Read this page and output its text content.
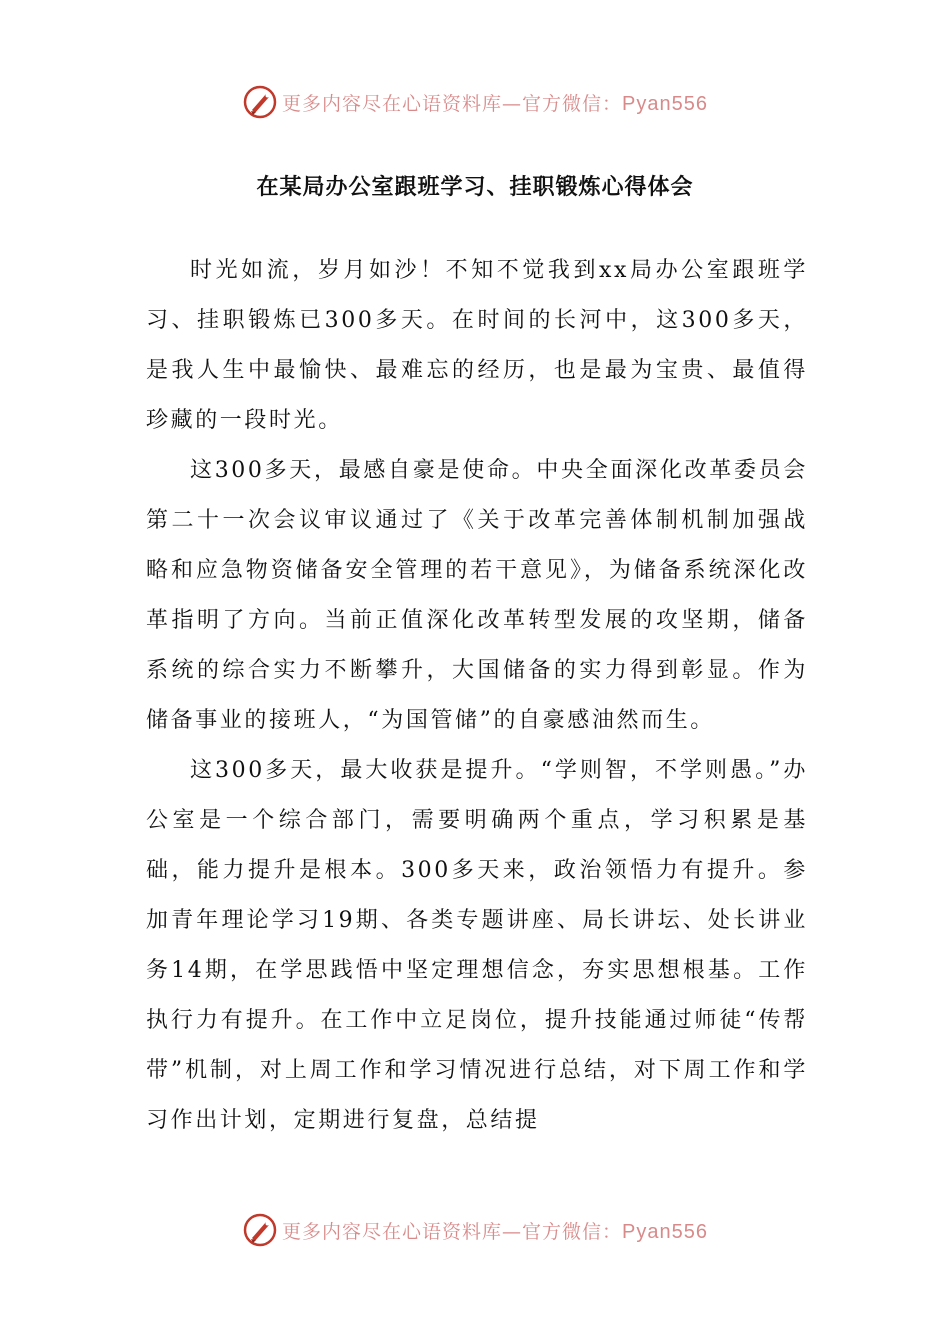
更多内容尽在心语资料库—官方微信：Pyan556
在某局办公室跟班学习、挂职锻炼心得体会

时光如流，岁月如沙！不知不觉我到xx局办公室跟班学习、挂职锻炼已300多天。在时间的长河中，这300多天，是我人生中最愉快、最难忘的经历，也是最为宝贵、最值得珍藏的一段时光。

这300多天，最感自豪是使命。中央全面深化改革委员会第二十一次会议审议通过了《关于改革完善体制机制加强战略和应急物资储备安全管理的若干意见》，为储备系统深化改革指明了方向。当前正值深化改革转型发展的攻坚期，储备系统的综合实力不断攀升，大国储备的实力得到彰显。作为储备事业的接班人，“为国管储”的自豪感油然而生。

这300多天，最大收获是提升。“学则智，不学则愚。”办公室是一个综合部门，需要明确两个重点，学习积累是基础，能力提升是根本。300多天来，政治领悟力有提升。参加青年理论学习19期、各类专题讲座、局长讲坛、处长讲业务14期，在学思践悟中坚定理想信念，夯实思想根基。工作执行力有提升。在工作中立足岗位，提升技能通过师徒“传帮带”机制，对上周工作和学习情况进行总结，对下周工作和学习作出计划，定期进行复盘，总结提

更多内容尽在心语资料库—官方微信：Pyan556
